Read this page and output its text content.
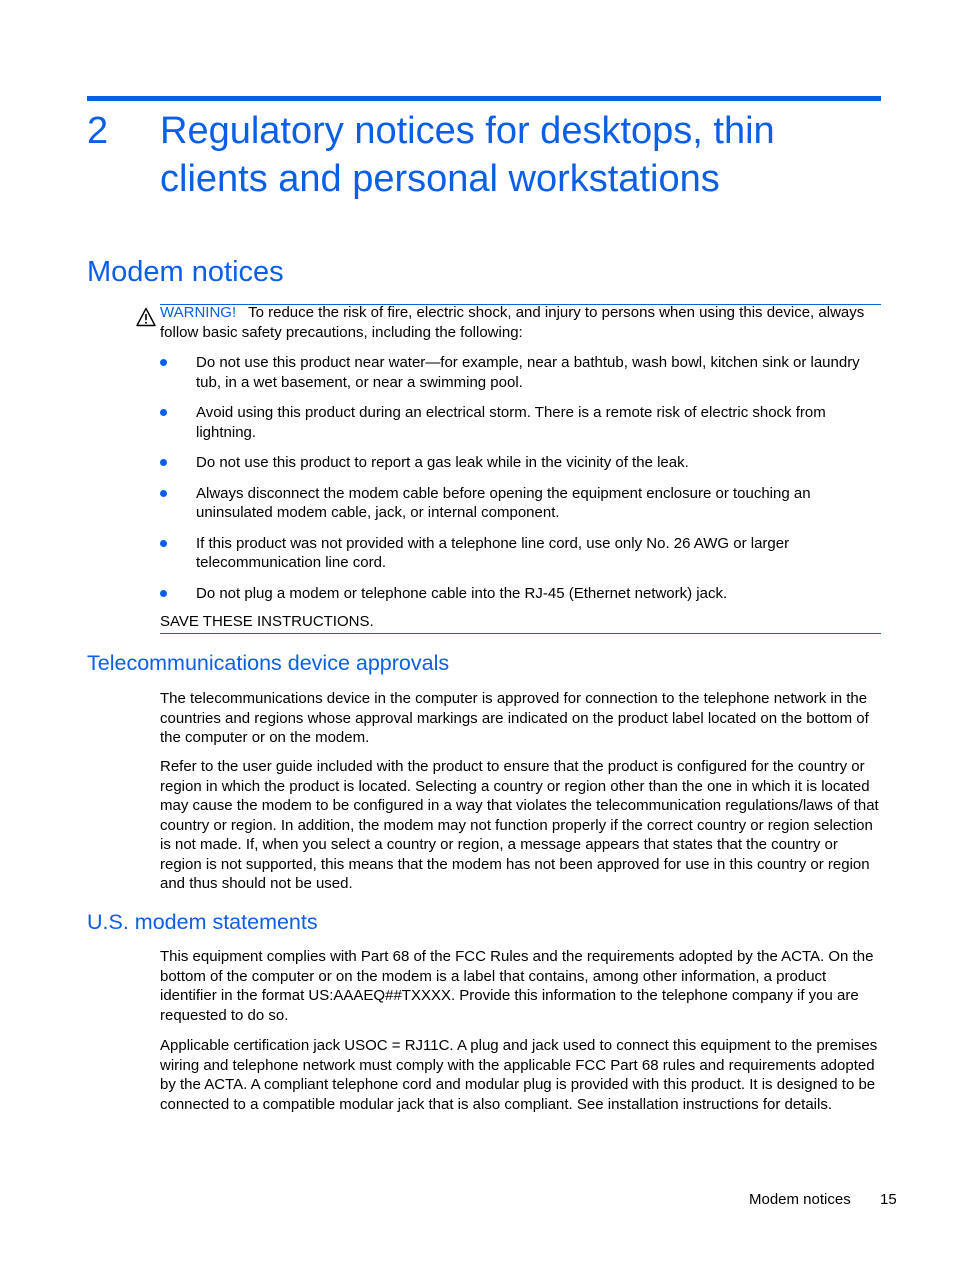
2 Regulatory notices for desktops, thin clients and personal workstations
Modem notices

WARNING! To reduce the risk of fire, electric shock, and injury to persons when using this device, always follow basic safety precautions, including the following:

Do not use this product near water—for example, near a bathtub, wash bowl, kitchen sink or laundry tub, in a wet basement, or near a swimming pool.
Avoid using this product during an electrical storm. There is a remote risk of electric shock from lightning.
Do not use this product to report a gas leak while in the vicinity of the leak.
Always disconnect the modem cable before opening the equipment enclosure or touching an uninsulated modem cable, jack, or internal component.
If this product was not provided with a telephone line cord, use only No. 26 AWG or larger telecommunication line cord.
Do not plug a modem or telephone cable into the RJ-45 (Ethernet network) jack.

SAVE THESE INSTRUCTIONS.

Telecommunications device approvals

The telecommunications device in the computer is approved for connection to the telephone network in the countries and regions whose approval markings are indicated on the product label located on the bottom of the computer or on the modem.

Refer to the user guide included with the product to ensure that the product is configured for the country or region in which the product is located. Selecting a country or region other than the one in which it is located may cause the modem to be configured in a way that violates the telecommunication regulations/laws of that country or region. In addition, the modem may not function properly if the correct country or region selection is not made. If, when you select a country or region, a message appears that states that the country or region is not supported, this means that the modem has not been approved for use in this country or region and thus should not be used.

U.S. modem statements

This equipment complies with Part 68 of the FCC Rules and the requirements adopted by the ACTA. On the bottom of the computer or on the modem is a label that contains, among other information, a product identifier in the format US:AAAEQ##TXXXX. Provide this information to the telephone company if you are requested to do so.

Applicable certification jack USOC = RJ11C. A plug and jack used to connect this equipment to the premises wiring and telephone network must comply with the applicable FCC Part 68 rules and requirements adopted by the ACTA. A compliant telephone cord and modular plug is provided with this product. It is designed to be connected to a compatible modular jack that is also compliant. See installation instructions for details.

Modem notices 15
